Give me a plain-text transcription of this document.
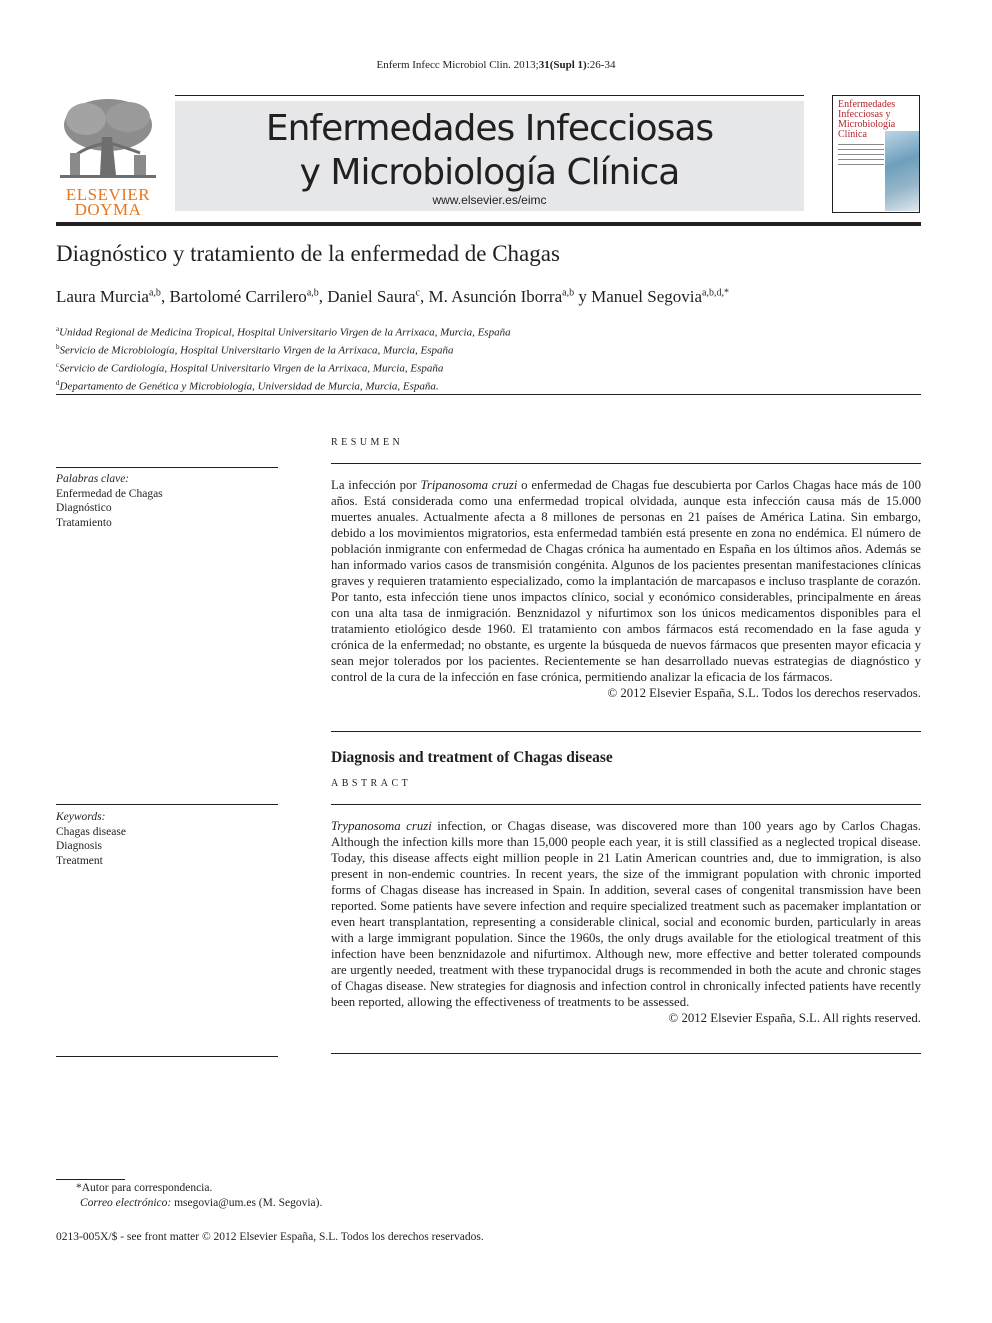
Enferm Infecc Microbiol Clin. 2013;31(Supl 1):26-34
ELSEVIER
DOYMA
Enfermedades Infecciosas
y Microbiología Clínica
www.elsevier.es/eimc
Enfermedades
Infecciosas y
Microbiología
Clínica
Diagnóstico y tratamiento de la enfermedad de Chagas
Laura Murcia$^{a,b}$, Bartolomé Carrilero$^{a,b}$, Daniel Saura$^c$, M. Asunción Iborra$^{a,b}$ y Manuel Segovia$^{a,b,d,*}$
$^a$Unidad Regional de Medicina Tropical, Hospital Universitario Virgen de la Arrixaca, Murcia, España
$^b$Servicio de Microbiología, Hospital Universitario Virgen de la Arrixaca, Murcia, España
$^c$Servicio de Cardiología, Hospital Universitario Virgen de la Arrixaca, Murcia, España
$^d$Departamento de Genética y Microbiología, Universidad de Murcia, Murcia, España.
RESUMEN
Palabras clave:
Enfermedad de Chagas
Diagnóstico
Tratamiento
La infección por Tripanosoma cruzi o enfermedad de Chagas fue descubierta por Carlos Chagas hace más de 100 años. Está considerada como una enfermedad tropical olvidada, aunque esta infección causa más de 15.000 muertes anuales. Actualmente afecta a 8 millones de personas en 21 países de América Latina. Sin embargo, debido a los movimientos migratorios, esta enfermedad también está presente en zona no endémica. El número de población inmigrante con enfermedad de Chagas crónica ha aumentado en España en los últimos años. Además se han informado varios casos de transmisión congénita. Algunos de los pacientes presentan manifestaciones clínicas graves y requieren tratamiento especializado, como la implantación de marcapasos e incluso trasplante de corazón. Por tanto, esta infección tiene unos impactos clínico, social y económico considerables, principalmente en áreas con una alta tasa de inmigración. Benznidazol y nifurtimox son los únicos medicamentos disponibles para el tratamiento etiológico desde 1960. El tratamiento con ambos fármacos está recomendado en la fase aguda y crónica de la enfermedad; no obstante, es urgente la búsqueda de nuevos fármacos que presenten mayor eficacia y sean mejor tolerados por los pacientes. Recientemente se han desarrollado nuevas estrategias de diagnóstico y control de la cura de la infección en fase crónica, permitiendo analizar la eficacia de los fármacos.
© 2012 Elsevier España, S.L. Todos los derechos reservados.
Diagnosis and treatment of Chagas disease
ABSTRACT
Keywords:
Chagas disease
Diagnosis
Treatment
Trypanosoma cruzi infection, or Chagas disease, was discovered more than 100 years ago by Carlos Chagas. Although the infection kills more than 15,000 people each year, it is still classified as a neglected tropical disease. Today, this disease affects eight million people in 21 Latin American countries and, due to immigration, is also present in non-endemic countries. In recent years, the size of the immigrant population with chronic imported forms of Chagas disease has increased in Spain. In addition, several cases of congenital transmission have been reported. Some patients have severe infection and require specialized treatment such as pacemaker implantation or even heart transplantation, representing a considerable clinical, social and economic burden, particularly in areas with a large immigrant population. Since the 1960s, the only drugs available for the etiological treatment of this infection have been benznidazole and nifurtimox. Although new, more effective and better tolerated compounds are urgently needed, treatment with these trypanocidal drugs is recommended in both the acute and chronic stages of Chagas disease. New strategies for diagnosis and infection control in chronically infected patients have recently been reported, allowing the effectiveness of treatments to be assessed.
© 2012 Elsevier España, S.L. All rights reserved.
*Autor para correspondencia.
Correo electrónico: msegovia@um.es (M. Segovia).
0213-005X/$ - see front matter © 2012 Elsevier España, S.L. Todos los derechos reservados.
